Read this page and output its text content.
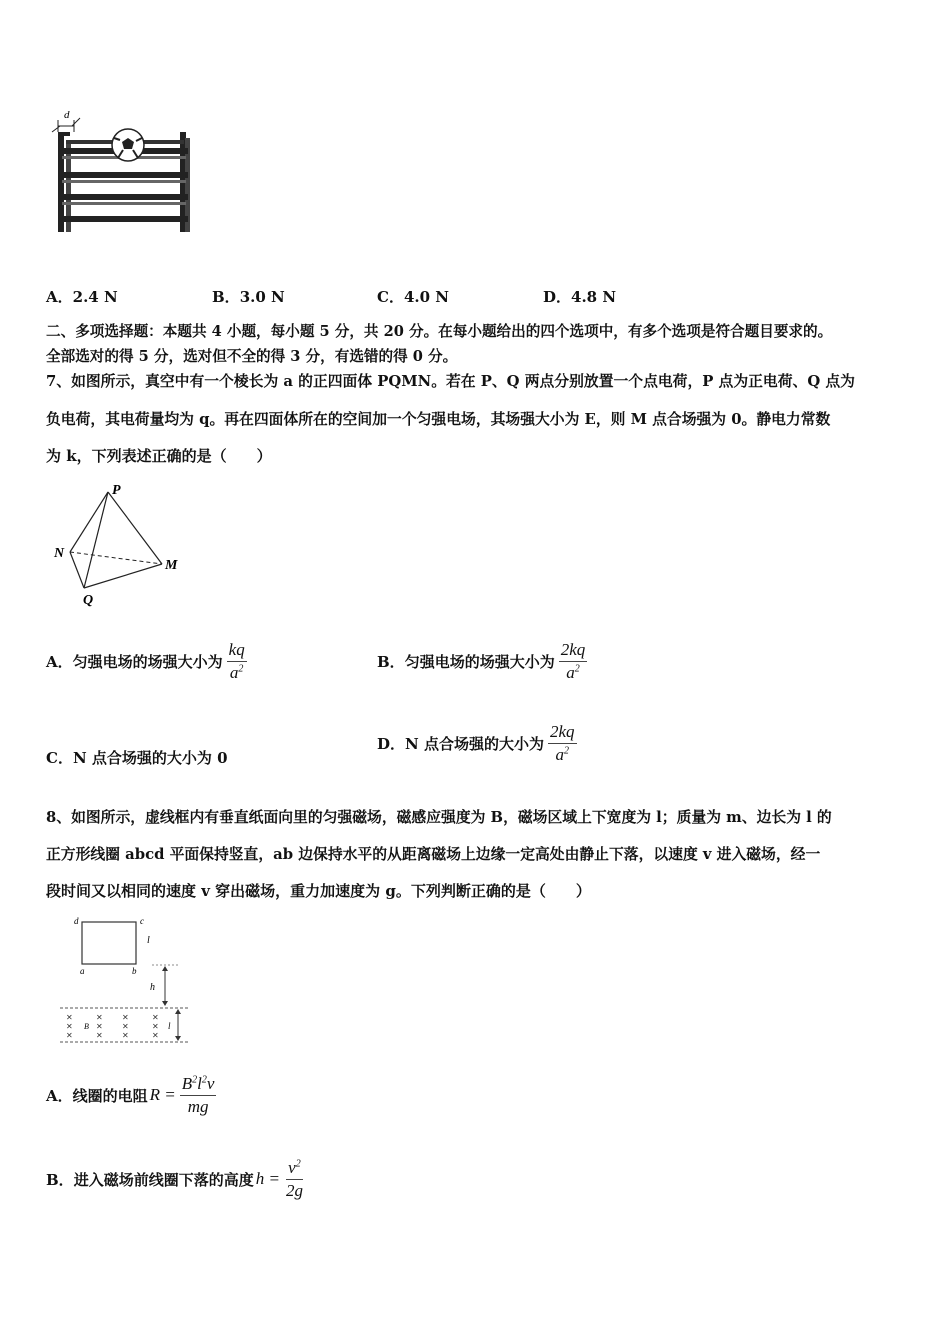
d
A．2.4 N	B．3.0 N	C．4.0 N	D．4.8 N
二、多项选择题：本题共 4 小题，每小题 5 分，共 20 分。在每小题给出的四个选项中，有多个选项是符合题目要求的。
全部选对的得 5 分，选对但不全的得 3 分，有选错的得 0 分。
7、如图所示，真空中有一个棱长为 a 的正四面体 PQMN。若在 P、Q 两点分别放置一个点电荷，P 点为正电荷、Q 点为
负电荷，其电荷量均为 q。再在四面体所在的空间加一个匀强电场，其场强大小为 E，则 M 点合场强为 0。静电力常数
为 k，下列表述正确的是（　　）
P
N
M
Q
A． 匀强电场的场强大小为 $\frac{kq}{a^2}$	B． 匀强电场的场强大小为 $\frac{2kq}{a^2}$
C．N 点合场强的大小为 0
D． N 点合场强的大小为 $\frac{2kq}{a^2}$
8、如图所示，虚线框内有垂直纸面向里的匀强磁场，磁感应强度为 B，磁场区域上下宽度为 l；质量为 m、边长为 l 的
正方形线圈 abcd 平面保持竖直，ab 边保持水平的从距离磁场上边缘一定高处由静止下落，以速度 v 进入磁场，经一
段时间又以相同的速度 v 穿出磁场，重力加速度为 g。下列判断正确的是（　　）
d	c
a	b
l
h
✕	✕ ✕	✕
✕	✕ ✕	✕
✕	✕ ✕	✕
B	l
A． 线圈的电阻 $R = \frac{B^2l^2v}{mg}$
B． 进入磁场前线圈下落的高度 $h = \frac{v^2}{2g}$
